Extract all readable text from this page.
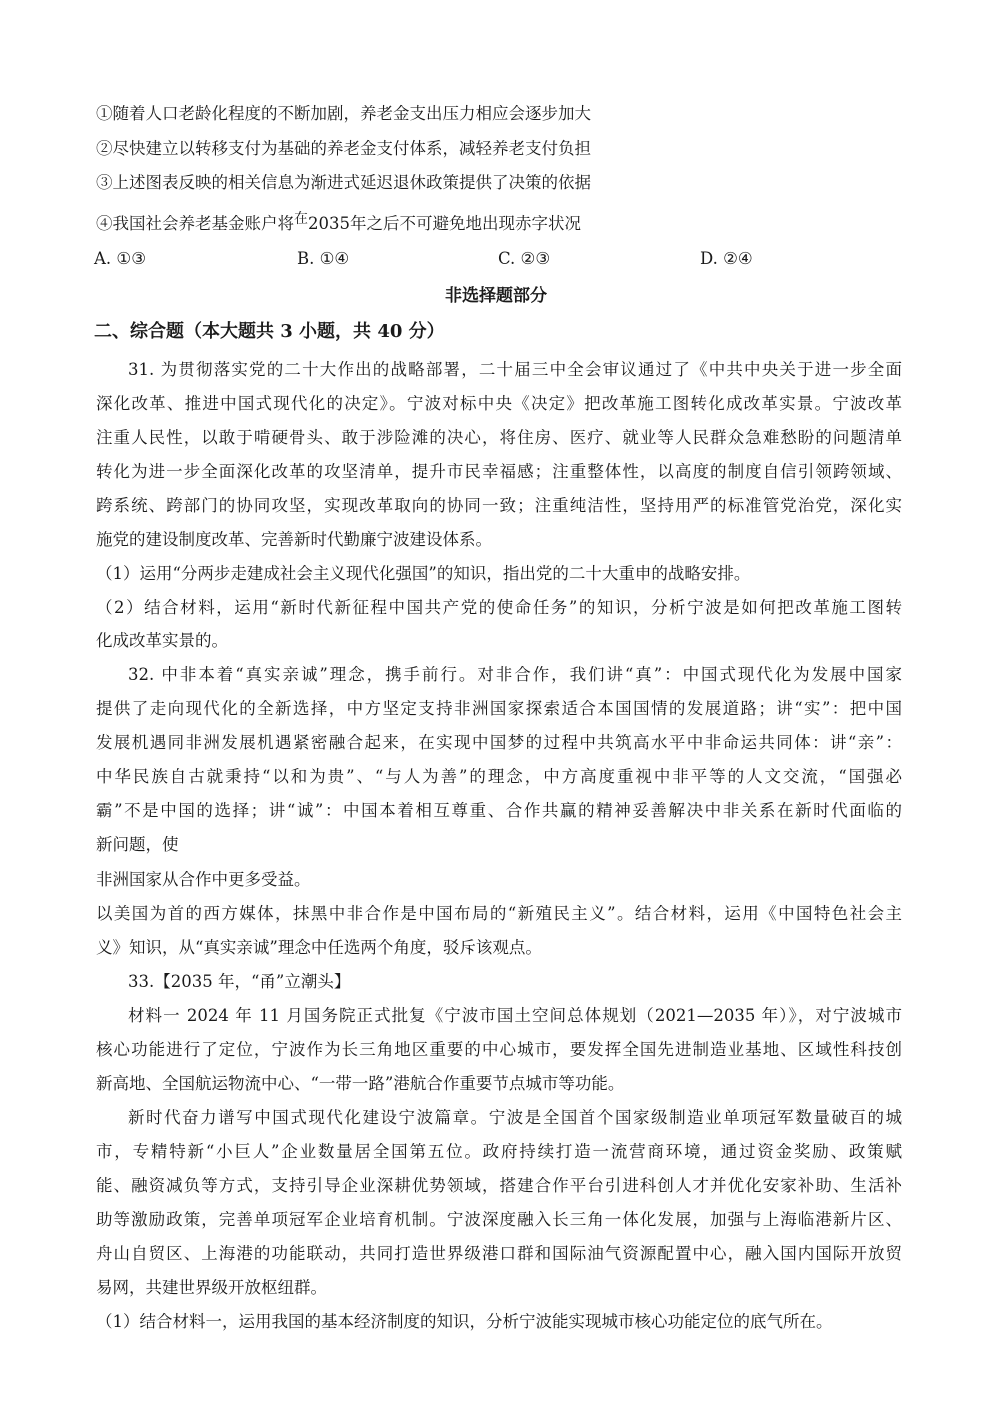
①随着人口老龄化程度的不断加剧，养老金支出压力相应会逐步加大
②尽快建立以转移支付为基础的养老金支付体系，减轻养老支付负担
③上述图表反映的相关信息为渐进式延迟退休政策提供了决策的依据
④我国社会养老基金账户将$^在$2035年之后不可避免地出现赤字状况
A. ①③	B. ①④	C. ②③	D. ②④
非选择题部分
二、综合题（本大题共 3 小题，共 40 分）
31. 为贯彻落实党的二十大作出的战略部署，二十届三中全会审议通过了《中共中央关于进一步全面
深化改革、推进中国式现代化的决定》。宁波对标中央《决定》把改革施工图转化成改革实景。宁波改革
注重人民性，以敢于啃硬骨头、敢于涉险滩的决心，将住房、医疗、就业等人民群众急难愁盼的问题清单
转化为进一步全面深化改革的攻坚清单，提升市民幸福感；注重整体性，以高度的制度自信引领跨领域、
跨系统、跨部门的协同攻坚，实现改革取向的协同一致；注重纯洁性，坚持用严的标准管党治党，深化实
施党的建设制度改革、完善新时代勤廉宁波建设体系。
（1）运用“分两步走建成社会主义现代化强国”的知识，指出党的二十大重申的战略安排。
（2）结合材料，运用“新时代新征程中国共产党的使命任务”的知识，分析宁波是如何把改革施工图转
化成改革实景的。
32. 中非本着“真实亲诚”理念，携手前行。对非合作，我们讲“真”：中国式现代化为发展中国家
提供了走向现代化的全新选择，中方坚定支持非洲国家探索适合本国国情的发展道路；讲“实”：把中国
发展机遇同非洲发展机遇紧密融合起来，在实现中国梦的过程中共筑高水平中非命运共同体：讲“亲”：
中华民族自古就秉持“以和为贵”、“与人为善”的理念，中方高度重视中非平等的人文交流，“国强必
霸”不是中国的选择；讲“诚”：中国本着相互尊重、合作共赢的精神妥善解决中非关系在新时代面临的
新问题，使
非洲国家从合作中更多受益。
以美国为首的西方媒体，抹黑中非合作是中国布局的“新殖民主义”。结合材料，运用《中国特色社会主
义》知识，从“真实亲诚”理念中任选两个角度，驳斥该观点。
33.【2035 年，“甬”立潮头】
材料一 2024 年 11 月国务院正式批复《宁波市国土空间总体规划（2021—2035 年）》，对宁波城市
核心功能进行了定位，宁波作为长三角地区重要的中心城市，要发挥全国先进制造业基地、区域性科技创
新高地、全国航运物流中心、“一带一路”港航合作重要节点城市等功能。
新时代奋力谱写中国式现代化建设宁波篇章。宁波是全国首个国家级制造业单项冠军数量破百的城
市，专精特新“小巨人”企业数量居全国第五位。政府持续打造一流营商环境，通过资金奖励、政策赋
能、融资减负等方式，支持引导企业深耕优势领域，搭建合作平台引进科创人才并优化安家补助、生活补
助等激励政策，完善单项冠军企业培育机制。宁波深度融入长三角一体化发展，加强与上海临港新片区、
舟山自贸区、上海港的功能联动，共同打造世界级港口群和国际油气资源配置中心，融入国内国际开放贸
易网，共建世界级开放枢纽群。
（1）结合材料一，运用我国的基本经济制度的知识，分析宁波能实现城市核心功能定位的底气所在。
